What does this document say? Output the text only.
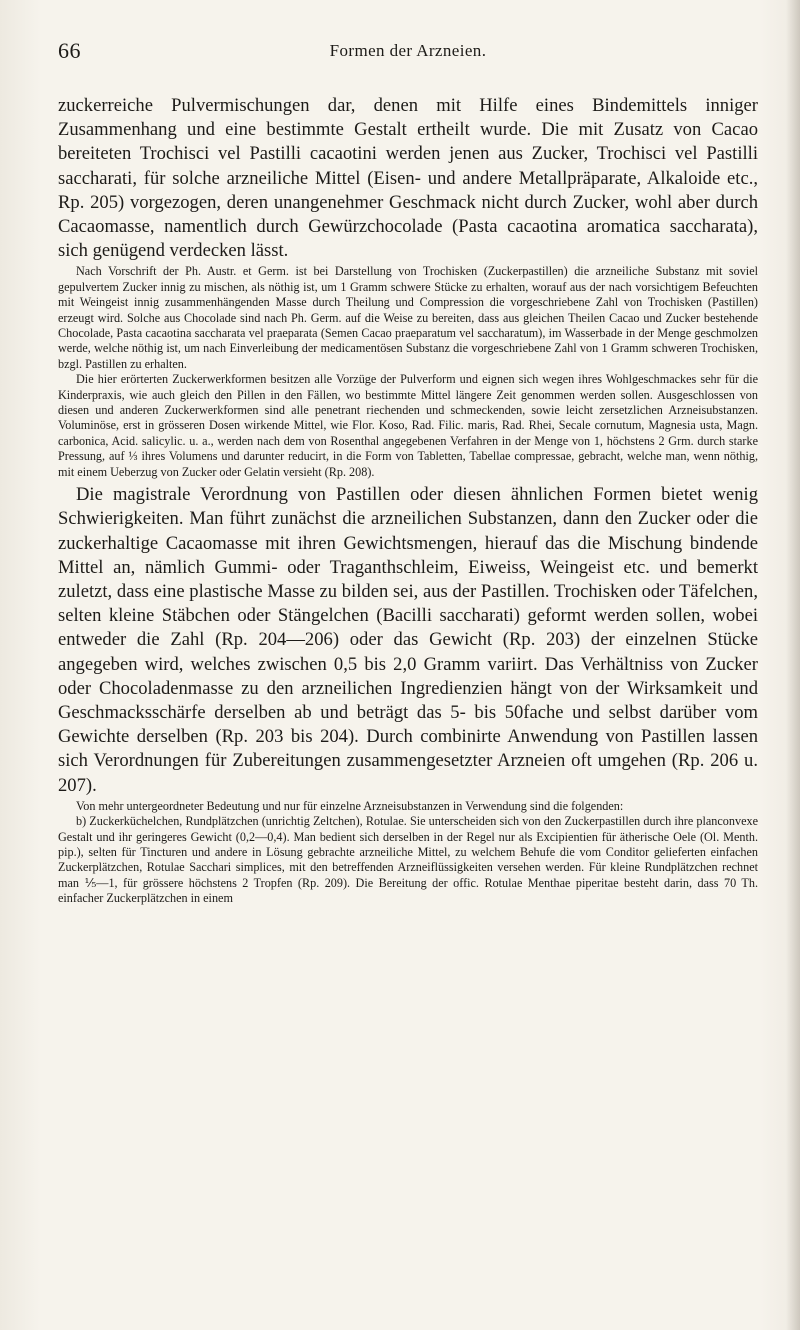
66	Formen der Arzneien.

zuckerreiche Pulvermischungen dar, denen mit Hilfe eines Bindemittels inniger Zusammenhang und eine bestimmte Gestalt ertheilt wurde. Die mit Zusatz von Cacao bereiteten Trochisci vel Pastilli cacaotini werden jenen aus Zucker, Trochisci vel Pastilli saccharati, für solche arzneiliche Mittel (Eisen- und andere Metallpräparate, Alkaloide etc., Rp. 205) vorgezogen, deren unangenehmer Geschmack nicht durch Zucker, wohl aber durch Cacaomasse, namentlich durch Gewürzchocolade (Pasta cacaotina aromatica saccharata), sich genügend verdecken lässt.

Nach Vorschrift der Ph. Austr. et Germ. ist bei Darstellung von Trochisken (Zuckerpastillen) die arzneiliche Substanz mit soviel gepulvertem Zucker innig zu mischen, als nöthig ist, um 1 Gramm schwere Stücke zu erhalten, worauf aus der nach vorsichtigem Befeuchten mit Weingeist innig zusammenhängenden Masse durch Theilung und Compression die vorgeschriebene Zahl von Trochisken (Pastillen) erzeugt wird. Solche aus Chocolade sind nach Ph. Germ. auf die Weise zu bereiten, dass aus gleichen Theilen Cacao und Zucker bestehende Chocolade, Pasta cacaotina saccharata vel praeparata (Semen Cacao praeparatum vel saccharatum), im Wasserbade in der Menge geschmolzen werde, welche nöthig ist, um nach Einverleibung der medicamentösen Substanz die vorgeschriebene Zahl von 1 Gramm schweren Trochisken, bzgl. Pastillen zu erhalten.

Die hier erörterten Zuckerwerkformen besitzen alle Vorzüge der Pulverform und eignen sich wegen ihres Wohlgeschmackes sehr für die Kinderpraxis, wie auch gleich den Pillen in den Fällen, wo bestimmte Mittel längere Zeit genommen werden sollen. Ausgeschlossen von diesen und anderen Zuckerwerkformen sind alle penetrant riechenden und schmeckenden, sowie leicht zersetzlichen Arzneisubstanzen. Voluminöse, erst in grösseren Dosen wirkende Mittel, wie Flor. Koso, Rad. Filic. maris, Rad. Rhei, Secale cornutum, Magnesia usta, Magn. carbonica, Acid. salicylic. u. a., werden nach dem von Rosenthal angegebenen Verfahren in der Menge von 1, höchstens 2 Grm. durch starke Pressung, auf ⅓ ihres Volumens und darunter reducirt, in die Form von Tabletten, Tabellae compressae, gebracht, welche man, wenn nöthig, mit einem Ueberzug von Zucker oder Gelatin versieht (Rp. 208).

Die magistrale Verordnung von Pastillen oder diesen ähnlichen Formen bietet wenig Schwierigkeiten. Man führt zunächst die arzneilichen Substanzen, dann den Zucker oder die zuckerhaltige Cacaomasse mit ihren Gewichtsmengen, hierauf das die Mischung bindende Mittel an, nämlich Gummi- oder Traganthschleim, Eiweiss, Weingeist etc. und bemerkt zuletzt, dass eine plastische Masse zu bilden sei, aus der Pastillen. Trochisken oder Täfelchen, selten kleine Stäbchen oder Stängelchen (Bacilli saccharati) geformt werden sollen, wobei entweder die Zahl (Rp. 204—206) oder das Gewicht (Rp. 203) der einzelnen Stücke angegeben wird, welches zwischen 0,5 bis 2,0 Gramm variirt. Das Verhältniss von Zucker oder Chocoladenmasse zu den arzneilichen Ingredienzien hängt von der Wirksamkeit und Geschmacksschärfe derselben ab und beträgt das 5- bis 50fache und selbst darüber vom Gewichte derselben (Rp. 203 bis 204). Durch combinirte Anwendung von Pastillen lassen sich Verordnungen für Zubereitungen zusammengesetzter Arzneien oft umgehen (Rp. 206 u. 207).

Von mehr untergeordneter Bedeutung und nur für einzelne Arzneisubstanzen in Verwendung sind die folgenden:

b) Zuckerküchelchen, Rundplätzchen (unrichtig Zeltchen), Rotulae. Sie unterscheiden sich von den Zuckerpastillen durch ihre planconvexe Gestalt und ihr geringeres Gewicht (0,2—0,4). Man bedient sich derselben in der Regel nur als Excipientien für ätherische Oele (Ol. Menth. pip.), selten für Tincturen und andere in Lösung gebrachte arzneiliche Mittel, zu welchem Behufe die vom Conditor gelieferten einfachen Zuckerplätzchen, Rotulae Sacchari simplices, mit den betreffenden Arzneiflüssigkeiten versehen werden. Für kleine Rundplätzchen rechnet man ⅕—1, für grössere höchstens 2 Tropfen (Rp. 209). Die Bereitung der offic. Rotulae Menthae piperitae besteht darin, dass 70 Th. einfacher Zuckerplätzchen in einem
